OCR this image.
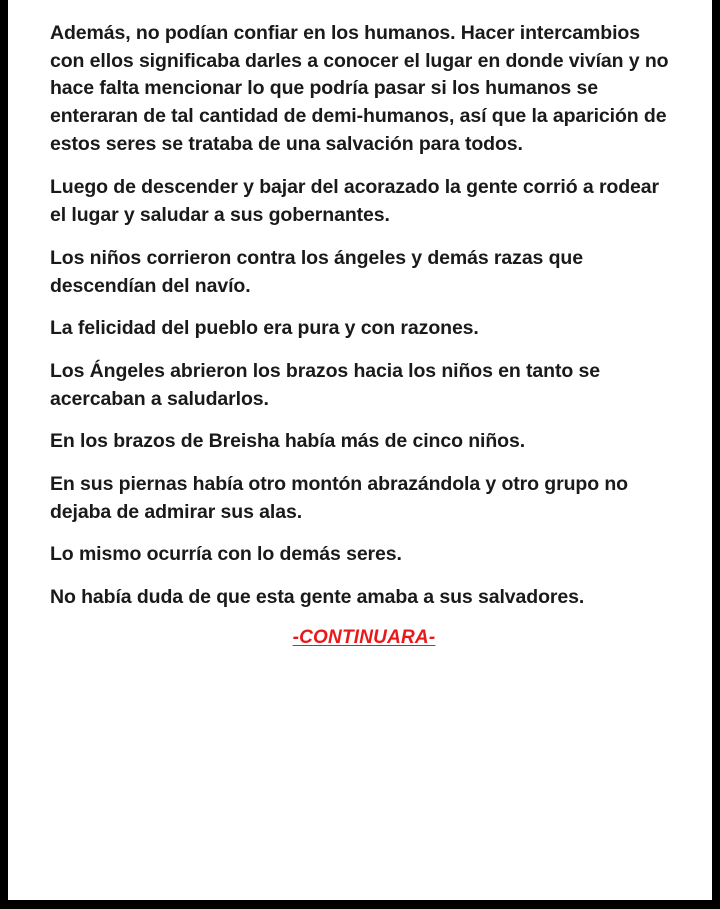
Además, no podían confiar en los humanos. Hacer intercambios con ellos significaba darles a conocer el lugar en donde vivían y no hace falta mencionar lo que podría pasar si los humanos se enteraran de tal cantidad de demi-humanos, así que la aparición de estos seres se trataba de una salvación para todos.

Luego de descender y bajar del acorazado la gente corrió a rodear el lugar y saludar a sus gobernantes.

Los niños corrieron contra los ángeles y demás razas que descendían del navío.

La felicidad del pueblo era pura y con razones.

Los Ángeles abrieron los brazos hacia los niños en tanto se acercaban a saludarlos.

En los brazos de Breisha había más de cinco niños.

En sus piernas había otro montón abrazándola y otro grupo no dejaba de admirar sus alas.

Lo mismo ocurría con lo demás seres.

No había duda de que esta gente amaba a sus salvadores.

-CONTINUARA-
